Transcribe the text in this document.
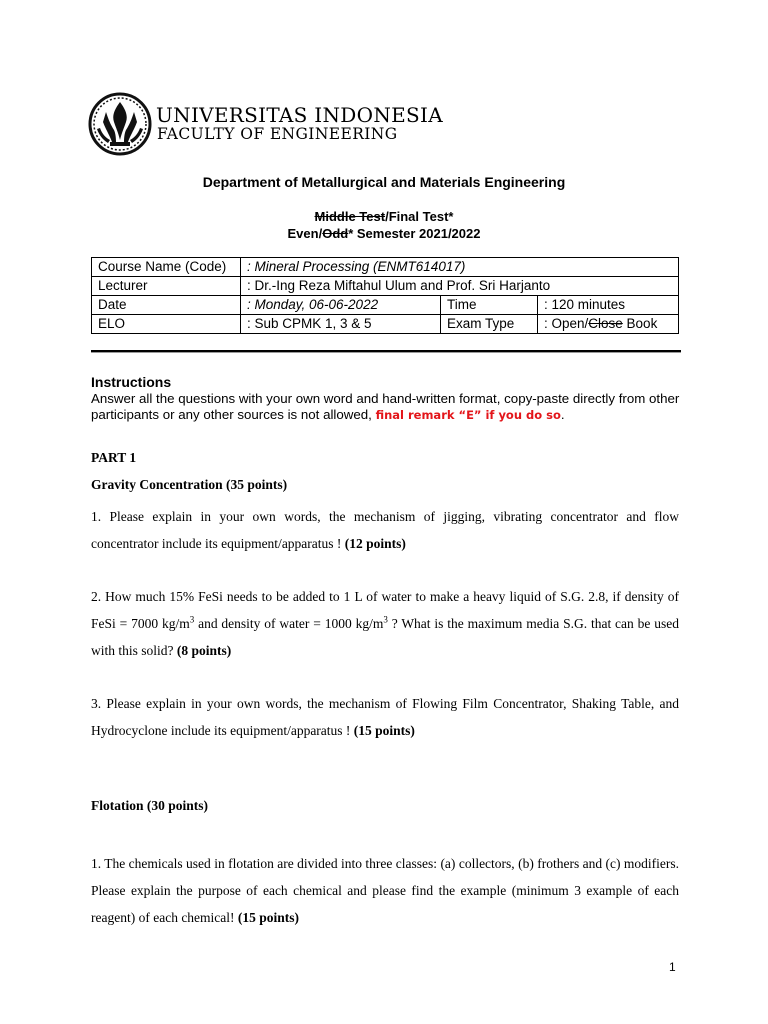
UNIVERSITAS INDONESIA
FACULTY OF ENGINEERING
Department of Metallurgical and Materials Engineering
Middle Test/Final Test*
Even/Odd* Semester 2021/2022
Course Name (Code)	: Mineral Processing (ENMT614017)		
Lecturer	: Dr.-Ing Reza Miftahul Ulum and Prof. Sri Harjanto		
Date	: Monday, 06-06-2022	Time	: 120 minutes
ELO	: Sub CPMK 1, 3 & 5	Exam Type	: Open/Close Book
Instructions
Answer all the questions with your own word and hand-written format, copy-paste directly from other participants or any other sources is not allowed, final remark “E” if you do so.
PART 1
Gravity Concentration (35 points)
1. Please explain in your own words, the mechanism of jigging, vibrating concentrator and flow concentrator include its equipment/apparatus ! (12 points)
2. How much 15% FeSi needs to be added to 1 L of water to make a heavy liquid of S.G. 2.8, if density of FeSi = 7000 $kg/m^3$ and density of water = 1000 $kg/m^3$ ? What is the maximum media S.G. that can be used with this solid? (8 points)
3. Please explain in your own words, the mechanism of Flowing Film Concentrator, Shaking Table, and Hydrocyclone include its equipment/apparatus ! (15 points)
Flotation (30 points)
1. The chemicals used in flotation are divided into three classes: (a) collectors, (b) frothers and (c) modifiers. Please explain the purpose of each chemical and please find the example (minimum 3 example of each reagent) of each chemical! (15 points)
1
